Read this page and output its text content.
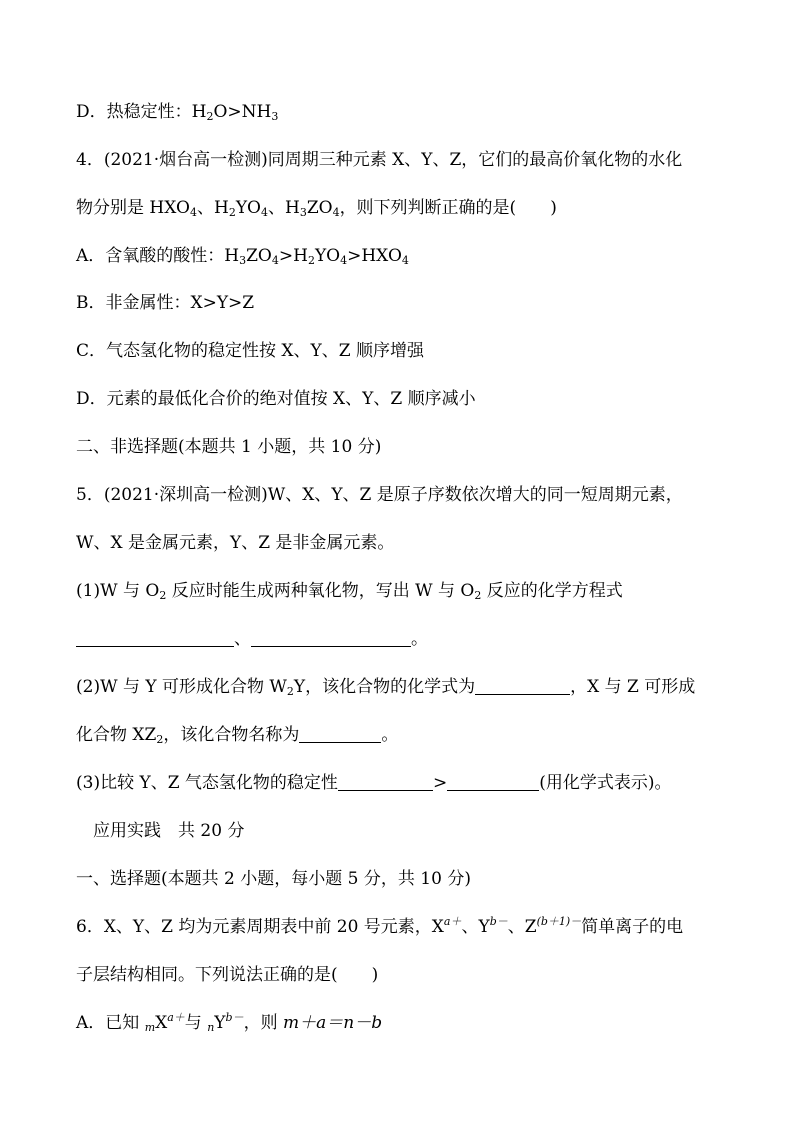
D．热稳定性：$H_2O>NH_3$
4．(2021·烟台高一检测)同周期三种元素 X、Y、Z，它们的最高价氧化物的水化
物分别是 $HXO_4$、$H_2YO_4$、$H_3ZO_4$，则下列判断正确的是(　　)
A．含氧酸的酸性：$H_3ZO_4>H_2YO_4>HXO_4$
B．非金属性：X>Y>Z
C．气态氢化物的稳定性按 X、Y、Z 顺序增强
D．元素的最低化合价的绝对值按 X、Y、Z 顺序减小
二、非选择题(本题共 1 小题，共 10 分)
5．(2021·深圳高一检测)W、X、Y、Z 是原子序数依次增大的同一短周期元素，
W、X 是金属元素，Y、Z 是非金属元素。
(1)W 与 $O_2$ 反应时能生成两种氧化物，写出 W 与 $O_2$ 反应的化学方程式
、	。
(2)W 与 Y 可形成化合物 $W_2Y$，该化合物的化学式为	，X 与 Z 可形成
化合物 $XZ_2$，该化合物名称为	。
(3)比较 Y、Z 气态氢化物的稳定性	>	(用化学式表示)。
应用实践　共 20 分
一、选择题(本题共 2 小题，每小题 5 分，共 10 分)
6．X、Y、Z 均为元素周期表中前 20 号元素，$X^{a+}$、$Y^{b-}$、$Z^{(b+1)-}$简单离子的电
子层结构相同。下列说法正确的是(　　)
A．已知 $_mX^{a+}$与 $_nY^{b-}$，则 m＋a＝n－b
